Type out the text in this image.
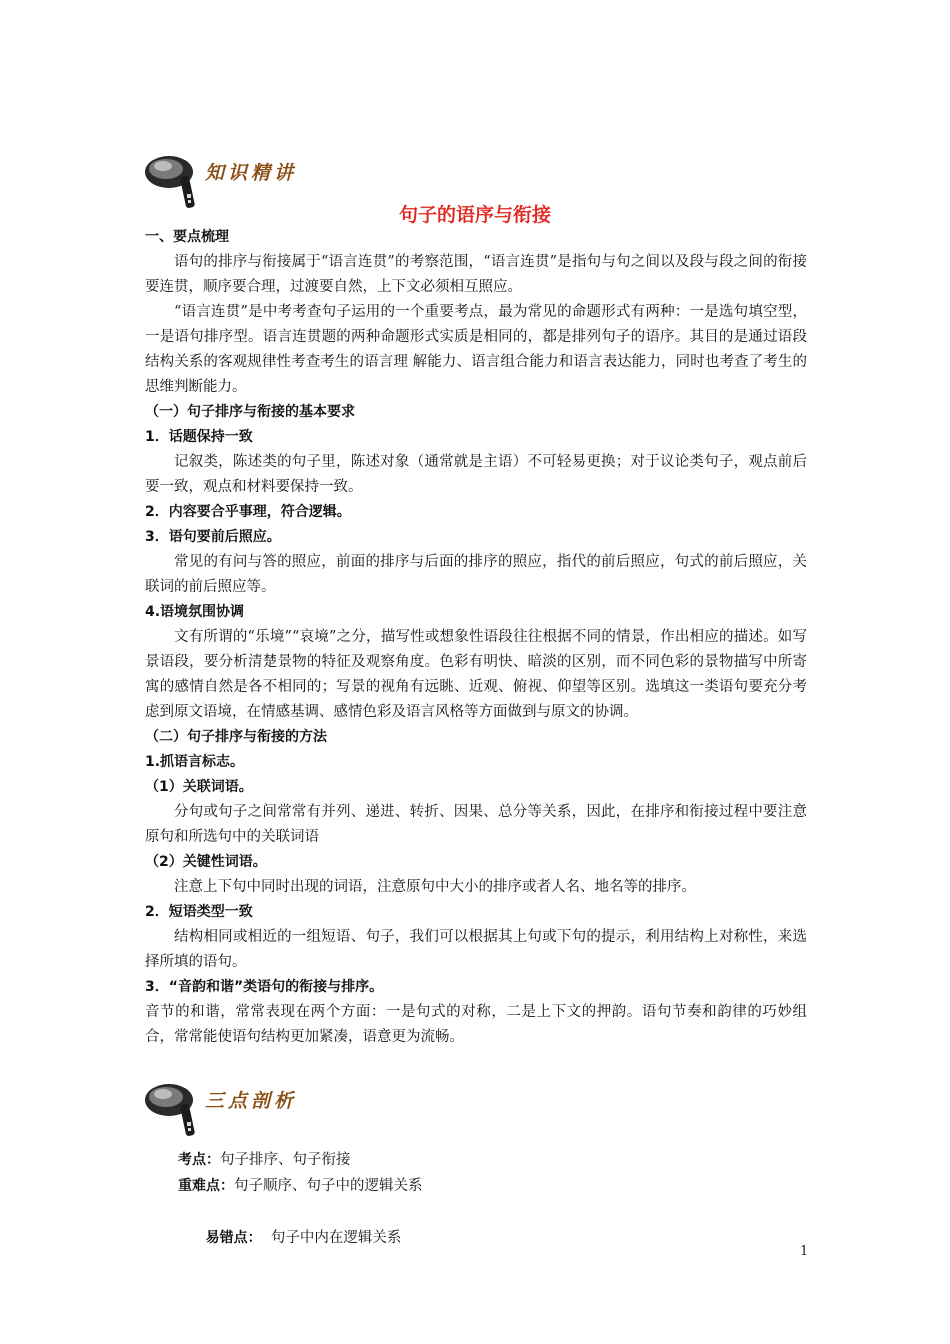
知识精讲
句子的语序与衔接

一、要点梳理

语句的排序与衔接属于“语言连贯”的考察范围，“语言连贯”是指句与句之间以及段与段之间的衔接要连贯，顺序要合理，过渡要自然，上下文必须相互照应。

“语言连贯”是中考考查句子运用的一个重要考点，最为常见的命题形式有两种：一是选句填空型，一是语句排序型。语言连贯题的两种命题形式实质是相同的，都是排列句子的语序。其目的是通过语段结构关系的客观规律性考查考生的语言理 解能力、语言组合能力和语言表达能力，同时也考查了考生的思维判断能力。

（一）句子排序与衔接的基本要求

1．话题保持一致

记叙类，陈述类的句子里，陈述对象（通常就是主语）不可轻易更换；对于议论类句子，观点前后要一致，观点和材料要保持一致。

2．内容要合乎事理，符合逻辑。

3．语句要前后照应。

常见的有问与答的照应，前面的排序与后面的排序的照应，指代的前后照应，句式的前后照应，关联词的前后照应等。

4.语境氛围协调

文有所谓的“乐境”“哀境”之分，描写性或想象性语段往往根据不同的情景，作出相应的描述。如写景语段，要分析清楚景物的特征及观察角度。色彩有明快、暗淡的区别，而不同色彩的景物描写中所寄寓的感情自然是各不相同的；写景的视角有远眺、近观、俯视、仰望等区别。选填这一类语句要充分考虑到原文语境，在情感基调、感情色彩及语言风格等方面做到与原文的协调。

（二）句子排序与衔接的方法

1.抓语言标志。

（1）关联词语。

分句或句子之间常常有并列、递进、转折、因果、总分等关系，因此，在排序和衔接过程中要注意原句和所选句中的关联词语

（2）关键性词语。

注意上下句中同时出现的词语，注意原句中大小的排序或者人名、地名等的排序。

2．短语类型一致

结构相同或相近的一组短语、句子，我们可以根据其上句或下句的提示，利用结构上对称性，来选择所填的语句。

3．“音韵和谐”类语句的衔接与排序。

音节的和谐，常常表现在两个方面：一是句式的对称，二是上下文的押韵。语句节奏和韵律的巧妙组合，常常能使语句结构更加紧凑，语意更为流畅。

三点剖析
考点：句子排序、句子衔接
重难点：句子顺序、句子中的逻辑关系

易错点：  句子中内在逻辑关系

1
